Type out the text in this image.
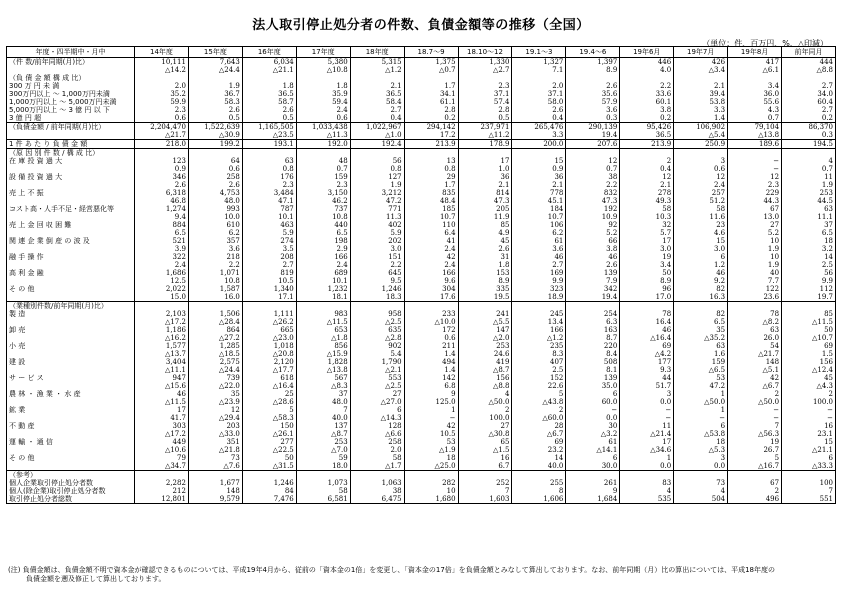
法人取引停止処分者の件数、負債金額等の推移（全国）
（単位：件、百万円、%、△印減）
年度・四半期中・月中	14年度	15年度	16年度	17年度	18年度	18.7〜9	18.10〜12	19.1〜3	19.4〜6	19年6月	19年7月	19年8月	前年同月
（件 数/前年同期(月)比）	10,111	7,643	6,034	5,380	5,315	1,375	1,330	1,327	1,397	446	426	417	444
	△14.2	△24.4	△21.1	△10.8	△1.2	△0.7	△2.7	7.1	8.9	4.0	△3.4	△6.1	△8.8
（負 債 金 額 構 成 比）													
300 万 円 未 満	2.0	1.9	1.8	1.8	2.1	1.7	2.3	2.0	2.6	2.2	2.1	3.4	2.7
300万円以上 〜 1,000万円未満	35.2	36.7	36.5	35.9	36.5	34.1	37.1	37.1	35.6	33.6	39.4	36.0	34.0
1,000万円以上 〜 5,000万円未満	59.9	58.3	58.7	59.4	58.4	61.1	57.4	58.0	57.9	60.1	53.8	55.6	60.4
5,000万円以上 〜 3 億 円 以 下	2.3	2.6	2.6	2.4	2.7	2.8	2.8	2.6	3.6	3.8	3.3	4.3	2.7
3 億 円 超	0.6	0.5	0.5	0.6	0.4	0.2	0.5	0.4	0.3	0.2	1.4	0.7	0.2
（負債金額 / 前年同期(月)比）	2,204,470	1,522,639	1,165,505	1,033,438	1,022,967	294,142	237,971	265,476	290,139	95,426	106,902	79,104	86,370
	△21.7	△30.9	△23.5	△11.3	△1.0	17.2	△11.2	3.3	19.4	36.5	△5.4	△13.8	0.3
1 件 あ た り 負 債 金 額	218.0	199.2	193.1	192.0	192.4	213.9	178.9	200.0	207.6	213.9	250.9	189.6	194.5
（原 因 別 件 数 / 構 成 比）													
在 庫 投 資 過 大	123	64	63	48	56	13	17	15	12	2	3	−	4
	0.9	0.6	0.8	0.7	0.8	0.8	1.0	0.9	0.7	0.4	0.6	−	0.7
設 備 投 資 過 大	346	258	176	159	127	29	36	36	38	12	12	12	11
	2.6	2.6	2.3	2.3	1.9	1.7	2.1	2.1	2.2	2.1	2.4	2.3	1.9
売 上 不 振	6,318	4,753	3,484	3,150	3,212	835	814	778	832	278	257	229	253
	46.8	48.0	47.1	46.2	47.2	48.4	47.3	45.1	47.3	49.3	51.2	44.3	44.5
コスト高・人手不足・経営悪化等	1,274	993	787	737	771	185	205	184	192	58	58	67	63
	9.4	10.0	10.1	10.8	11.3	10.7	11.9	10.7	10.9	10.3	11.6	13.0	11.1
売 上 金 回 収 困 難	884	610	463	440	402	110	85	106	92	32	23	27	37
	6.5	6.2	5.9	6.5	5.9	6.4	4.9	6.2	5.2	5.7	4.6	5.2	6.5
関 連 企 業 倒 産 の 波 及	521	357	274	198	202	41	45	61	66	17	15	10	18
	3.9	3.6	3.5	2.9	3.0	2.4	2.6	3.6	3.8	3.0	3.0	1.9	3.2
融 手 操 作	322	218	208	166	151	42	31	46	46	19	6	10	14
	2.4	2.2	2.7	2.4	2.2	2.4	1.8	2.7	2.6	3.4	1.2	1.9	2.5
高 利 金 融	1,686	1,071	819	689	645	166	153	169	139	50	46	40	56
	12.5	10.8	10.5	10.1	9.5	9.6	8.9	9.9	7.9	8.9	9.2	7.7	9.9
そ の 他	2,022	1,587	1,340	1,232	1,246	304	335	323	342	96	82	122	112
	15.0	16.0	17.1	18.1	18.3	17.6	19.5	18.9	19.4	17.0	16.3	23.6	19.7
（業種別件数/前年同期(月)比）													
製 造	2,103	1,506	1,111	983	958	233	241	245	254	78	82	78	85
	△17.2	△28.4	△26.2	△11.5	△2.5	△10.0	△5.5	13.4	6.3	16.4	6.5	△8.2	△11.5
卸 売	1,186	864	665	653	635	172	147	166	163	46	35	63	50
	△16.2	△27.2	△23.0	△1.8	△2.8	0.6	△2.0	△1.2	8.7	△16.4	△35.2	26.0	△10.7
小 売	1,577	1,285	1,018	856	902	211	253	235	220	69	63	54	69
	△13.7	△18.5	△20.8	△15.9	5.4	1.4	24.6	8.3	8.4	△4.2	1.6	△21.7	1.5
建 設	3,404	2,575	2,120	1,828	1,790	494	419	407	508	177	159	148	156
	△11.1	△24.4	△17.7	△13.8	△2.1	1.4	△8.7	2.5	8.1	9.3	△6.5	△5.1	△12.4
サ ー ビ ス	947	739	618	567	553	142	156	152	139	44	53	42	45
	△15.6	△22.0	△16.4	△8.3	△2.5	6.8	△8.8	22.6	35.0	51.7	47.2	△6.7	△4.3
農 林 ・ 漁 業 ・ 水 産	46	35	25	37	27	9	4	5	6	3	1	2	2
	△11.5	△23.9	△28.6	48.0	△27.0	125.0	△50.0	△43.8	60.0	0.0	△50.0	△50.0	100.0
鉱 業	17	12	5	7	6	1	2	2	−	−	1	−	−
	41.7	△29.4	△58.3	40.0	△14.3	−	100.0	△60.0	0.0	−	−	−	−
不 動 産	303	203	150	137	128	42	27	28	30	11	6	7	16
	△17.2	△33.0	△26.1	△8.7	△6.6	10.5	△30.8	△6.7	△3.2	△21.4	△53.8	△56.3	23.1
運 輸 ・ 通 信	449	351	277	253	258	53	65	69	61	17	18	19	15
	△10.6	△21.8	△22.5	△7.0	2.0	△1.9	△1.5	23.2	△14.1	△34.6	△5.3	26.7	△21.1
そ の 他	79	73	50	59	58	18	16	14	6	1	3	5	6
	△34.7	△7.6	△31.5	18.0	△1.7	△25.0	6.7	40.0	30.0	0.0	0.0	△16.7	△33.3
（参考）													
個人企業取引停止処分者数	2,282	1,677	1,246	1,073	1,063	282	252	255	261	83	73	67	100
個人(除企業)取引停止処分者数	212	148	84	58	38	10	7	8	9	4	4	2	7
取引停止処分者総数	12,801	9,579	7,476	6,581	6,475	1,680	1,603	1,606	1,684	535	504	496	551
(注) 負債金額は、負債金額不明で資本金が確認できるものについては、平成19年4月から、従前の「資本金の1倍」を変更し、「資本金の17倍」を負債金額とみなして算出しております。なお、前年同期（月）比の算出については、平成18年度の
負債金額を遡及修正して算出しております。
